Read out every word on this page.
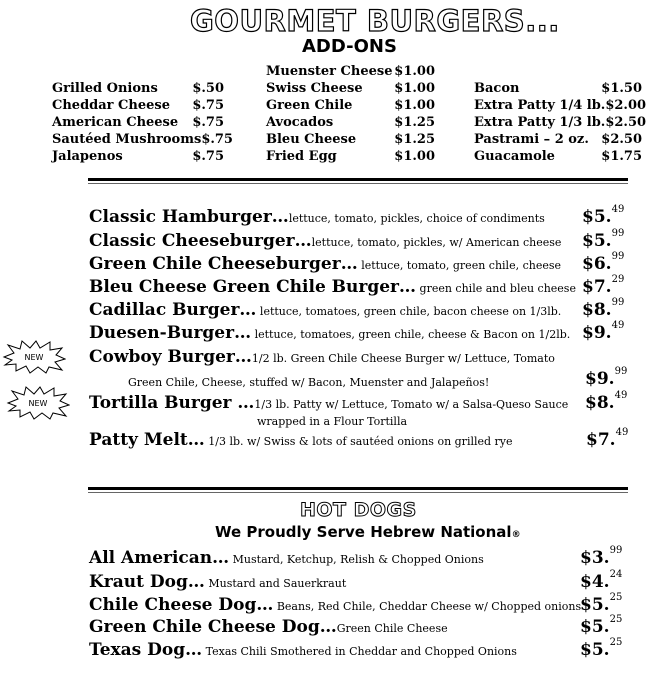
GOURMET BURGERS...
ADD-ONS
Grilled Onions	$.50
Cheddar Cheese $.75
American Cheese $.75
Sautéed Mushrooms $.75
Jalapenos	$.75
Muenster Cheese $1.00
Swiss Cheese $1.00
Green Chile	$1.00
Avocados	$1.25
Bleu Cheese	$1.25
Fried Egg	$1.00
Bacon	$1.50
Extra Patty 1/4 lb. $2.00
Extra Patty 1/3 lb. $2.50
Pastrami – 2 oz. $2.50
Guacamole	$1.75
Classic Hamburger…lettuce, tomato, pickles, choice of condiments $5.49
Classic Cheeseburger…lettuce, tomato, pickles, w/ American cheese $5.99
Green Chile Cheeseburger… lettuce, tomato, green chile, cheese $6.99
Bleu Cheese Green Chile Burger… green chile and bleu cheese $7.29
Cadillac Burger… lettuce, tomatoes, green chile, bacon cheese on 1/3lb. $8.99
Duesen-Burger… lettuce, tomatoes, green chile, cheese & Bacon on 1/2lb. $9.49
NEW	Cowboy Burger…1/2 lb. Green Chile Cheese Burger w/ Lettuce, Tomato
Green Chile, Cheese, stuffed w/ Bacon, Muenster and Jalapeños!	$9.99
NEW Tortilla Burger …1/3 lb. Patty w/ Lettuce, Tomato w/ a Salsa-Queso Sauce
wrapped in a Flour Tortilla
$8.49
Patty Melt… 1/3 lb. w/ Swiss & lots of sautéed onions on grilled rye	$7.49
HOT DOGS
We Proudly Serve Hebrew National®
All American… Mustard, Ketchup, Relish & Chopped Onions	$3.99
Kraut Dog… Mustard and Sauerkraut	$4.24
Chile Cheese Dog… Beans, Red Chile, Cheddar Cheese w/ Chopped onions
$5.25
Green Chile Cheese Dog…Green Chile Cheese	$5.25
Texas Dog… Texas Chili Smothered in Cheddar and Chopped Onions	$5.25
